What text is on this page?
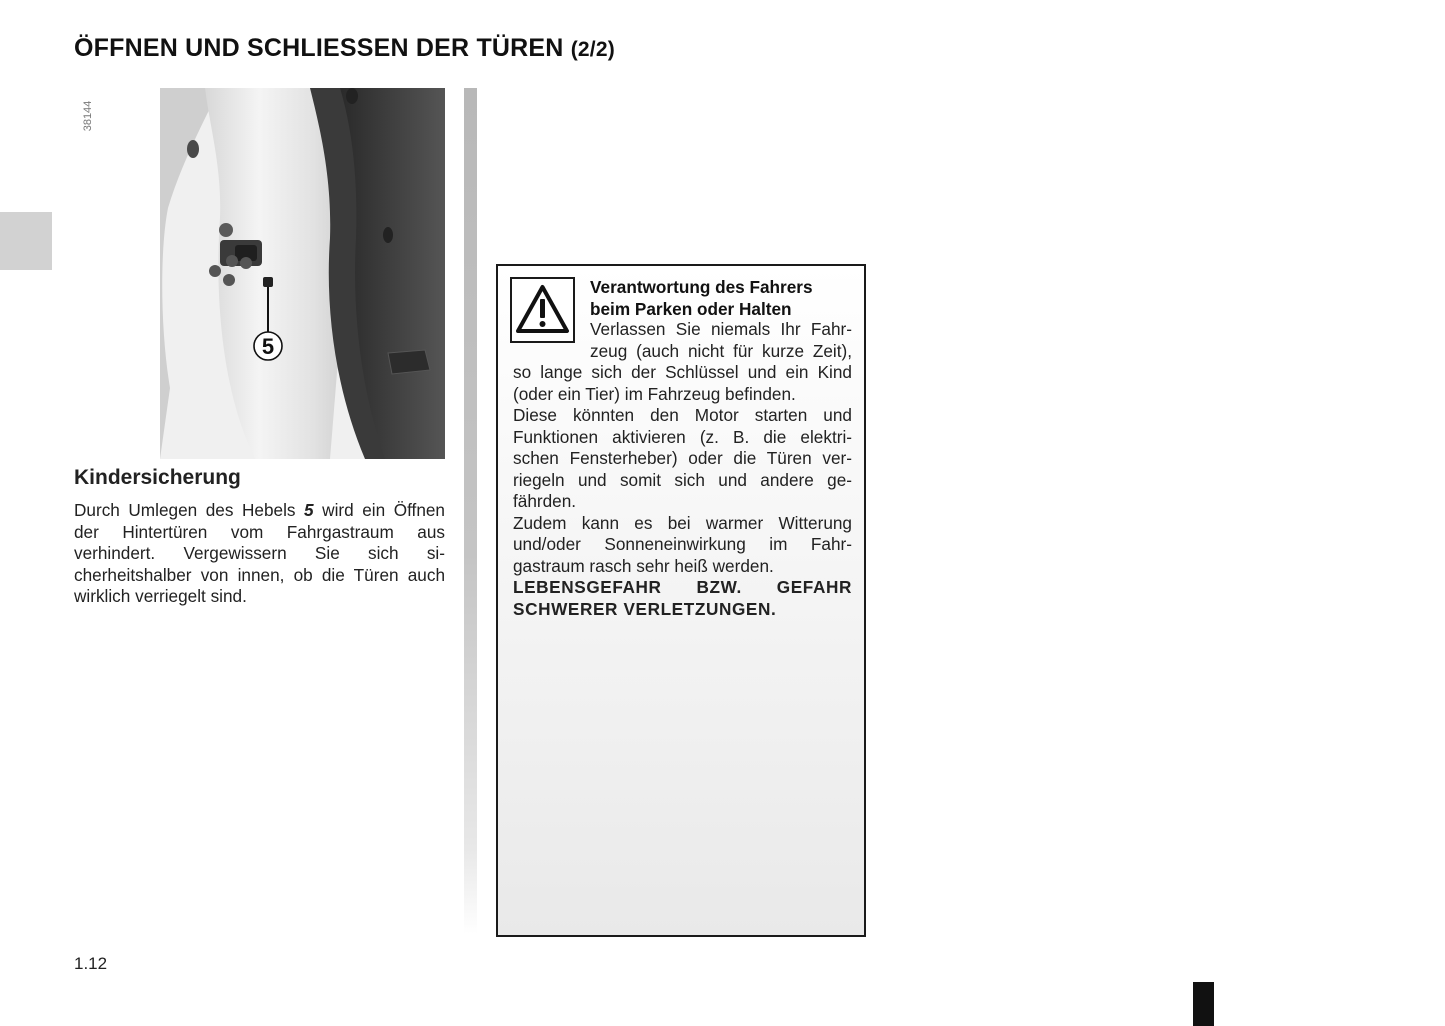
ÖFFNEN UND SCHLIESSEN DER TÜREN (2/2)
38144
5
Kindersicherung

Durch Umlegen des Hebels 5 wird ein Öffnen der Hintertüren vom Fahrgastraum aus verhindert. Vergewissern Sie sich sicherheitshalber von innen, ob die Türen auch wirklich verriegelt sind.

Verantwortung des Fahrers
beim Parken oder Halten

Verlassen Sie niemals Ihr Fahr-

zeug (auch nicht für kurze Zeit),

so lange sich der Schlüssel und ein Kind

(oder ein Tier) im Fahrzeug befinden.

Diese könnten den Motor starten und

Funktionen aktivieren (z. B. die elektri-

schen Fensterheber) oder die Türen ver-

riegeln und somit sich und andere ge-

fährden.

Zudem kann es bei warmer Witterung

und/oder Sonneneinwirkung im Fahr-

gastraum rasch sehr heiß werden.

LEBENSGEFAHR BZW. GEFAHR

SCHWERER VERLETZUNGEN.

1.12
